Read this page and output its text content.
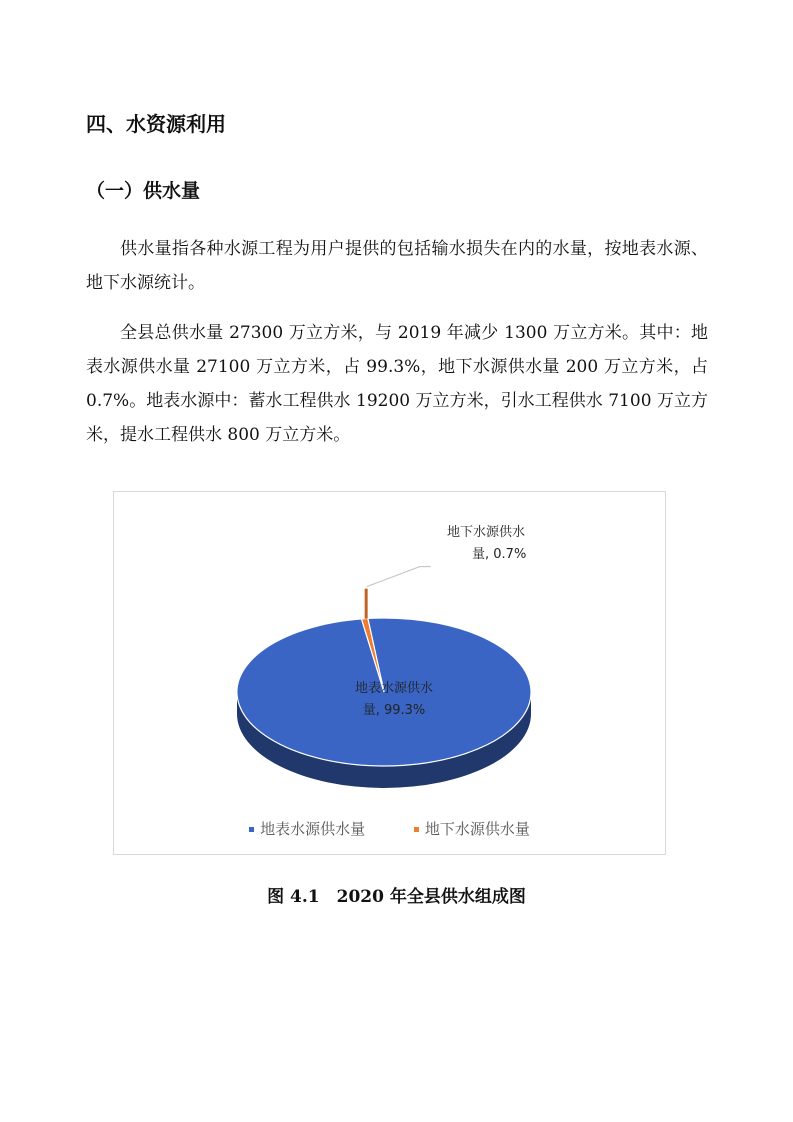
四、水资源利用
（一）供水量

供水量指各种水源工程为用户提供的包括输水损失在内的水量，按地表水源、地下水源统计。

全县总供水量 27300 万立方米，与 2019 年减少 1300 万立方米。其中：地表水源供水量 27100 万立方米，占 99.3%，地下水源供水量 200 万立方米，占 0.7%。地表水源中：蓄水工程供水 19200 万立方米，引水工程供水 7100 万立方米，提水工程供水 800 万立方米。

地表水源供水
量, 99.3%
地下水源供水
量, 0.7%
地表水源供水量	地下水源供水量
图 4.1　2020 年全县供水组成图
